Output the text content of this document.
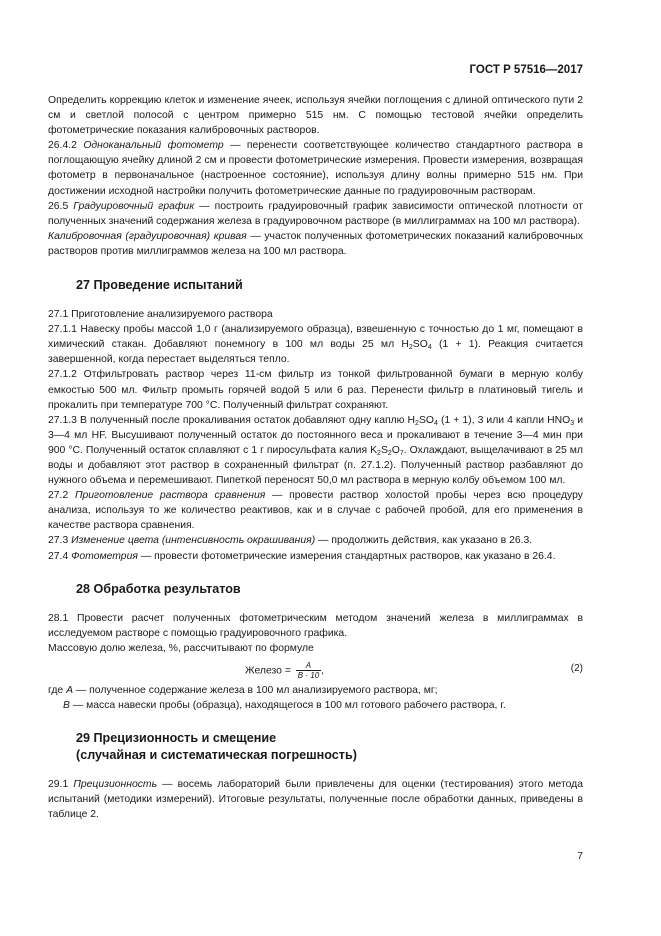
ГОСТ Р 57516—2017

Определить коррекцию клеток и изменение ячеек, используя ячейки поглощения с длиной оптического пути 2 см и светлой полосой с центром примерно 515 нм. С помощью тестовой ячейки определить фотометрические показания калибровочных растворов.

26.4.2 Одноканальный фотометр — перенести соответствующее количество стандартного раствора в поглощающую ячейку длиной 2 см и провести фотометрические измерения. Провести измерения, возвращая фотометр в первоначальное (настроенное состояние), используя длину волны примерно 515 нм. При достижении исходной настройки получить фотометрические данные по градуировочным растворам.

26.5 Градуировочный график — построить градуировочный график зависимости оптической плотности от полученных значений содержания железа в градуировочном растворе (в миллиграммах на 100 мл раствора).

Калибровочная (градуировочная) кривая — участок полученных фотометрических показаний калибровочных растворов против миллиграммов железа на 100 мл раствора.

27 Проведение испытаний

27.1 Приготовление анализируемого раствора

27.1.1 Навеску пробы массой 1,0 г (анализируемого образца), взвешенную с точностью до 1 мг, помещают в химический стакан. Добавляют понемногу в 100 мл воды 25 мл $H_2SO_4$ (1 + 1). Реакция считается завершенной, когда перестает выделяться тепло.

27.1.2 Отфильтровать раствор через 11-см фильтр из тонкой фильтрованной бумаги в мерную колбу емкостью 500 мл. Фильтр промыть горячей водой 5 или 6 раз. Перенести фильтр в платиновый тигель и прокалить при температуре 700 °С. Полученный фильтрат сохраняют.

27.1.3 В полученный после прокаливания остаток добавляют одну каплю $H_2SO_4$ (1 + 1), 3 или 4 капли $HNO_3$ и 3—4 мл HF. Высушивают полученный остаток до постоянного веса и прокаливают в течение 3—4 мин при 900 °С. Полученный остаток сплавляют с 1 г пиросульфата калия $K_2S_2O_7$. Охлаждают, выщелачивают в 25 мл воды и добавляют этот раствор в сохраненный фильтрат (п. 27.1.2). Полученный раствор разбавляют до нужного объема и перемешивают. Пипеткой переносят 50,0 мл раствора в мерную колбу объемом 100 мл.

27.2 Приготовление раствора сравнения — провести раствор холостой пробы через всю процедуру анализа, используя то же количество реактивов, как и в случае с рабочей пробой, для его применения в качестве раствора сравнения.

27.3 Изменение цвета (интенсивность окрашивания) — продолжить действия, как указано в 26.3.

27.4 Фотометрия — провести фотометрические измерения стандартных растворов, как указано в 26.4.

28 Обработка результатов

28.1 Провести расчет полученных фотометрическим методом значений железа в миллиграммах в исследуемом растворе с помощью градуировочного графика.

Массовую долю железа, %, рассчитывают по формуле

Железо = $\frac{A}{B \cdot 10}$ ,	(2)

где A — полученное содержание железа в 100 мл анализируемого раствора, мг;

B — масса навески пробы (образца), находящегося в 100 мл готового рабочего раствора, г.

29 Прецизионность и смещение
(случайная и систематическая погрешность)

29.1 Прецизионность — восемь лабораторий были привлечены для оценки (тестирования) этого метода испытаний (методики измерений). Итоговые результаты, полученные после обработки данных, приведены в таблице 2.

7
